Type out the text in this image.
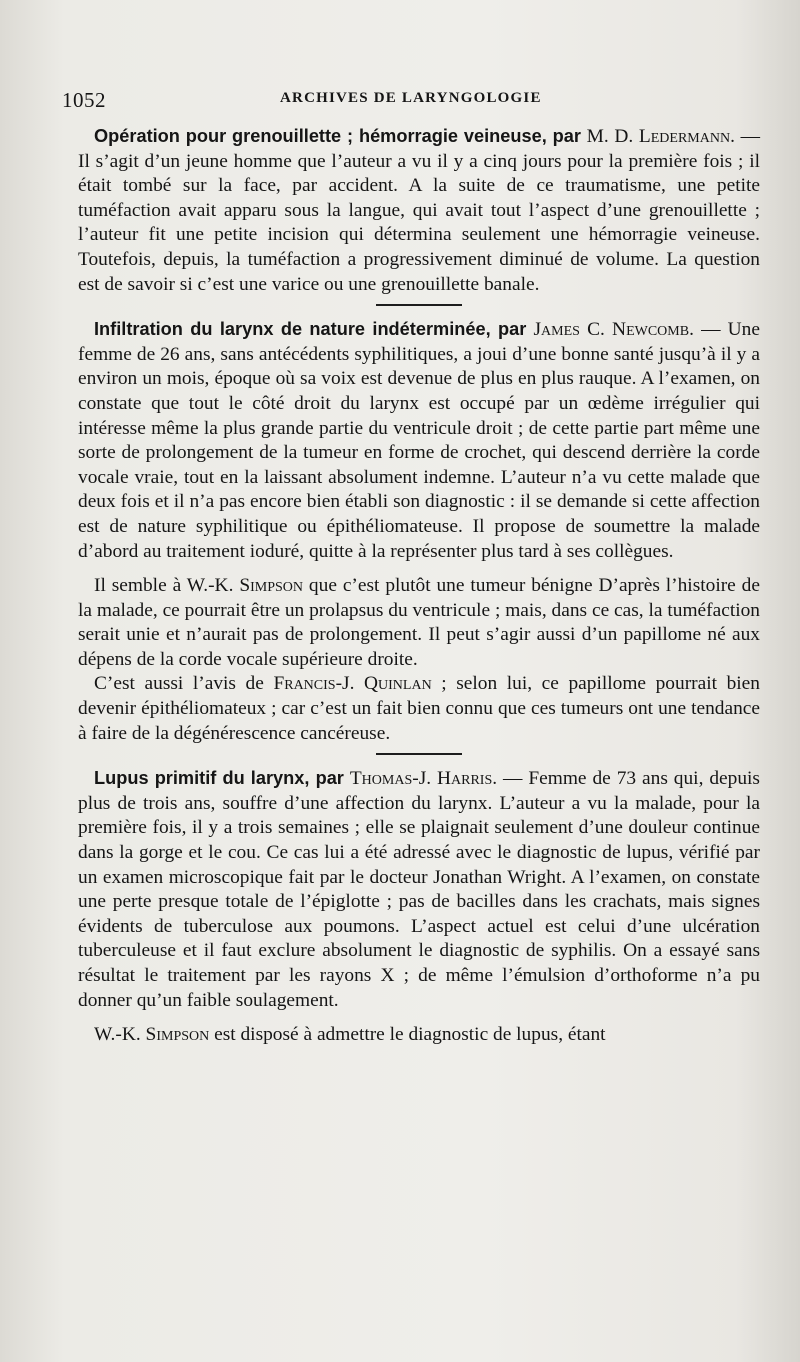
1052	ARCHIVES DE LARYNGOLOGIE

Opération pour grenouillette ; hémorragie veineuse, par M. D. Ledermann. — Il s’agit d’un jeune homme que l’auteur a vu il y a cinq jours pour la première fois ; il était tombé sur la face, par accident. A la suite de ce traumatisme, une petite tuméfaction avait apparu sous la langue, qui avait tout l’aspect d’une grenouillette ; l’auteur fit une petite incision qui détermina seulement une hémorragie veineuse. Toutefois, depuis, la tuméfaction a progressivement diminué de volume. La question est de savoir si c’est une varice ou une grenouillette banale.

Infiltration du larynx de nature indéterminée, par James C. Newcomb. — Une femme de 26 ans, sans antécédents syphilitiques, a joui d’une bonne santé jusqu’à il y a environ un mois, époque où sa voix est devenue de plus en plus rauque. A l’examen, on constate que tout le côté droit du larynx est occupé par un œdème irrégulier qui intéresse même la plus grande partie du ventricule droit ; de cette partie part même une sorte de prolongement de la tumeur en forme de crochet, qui descend derrière la corde vocale vraie, tout en la laissant absolument indemne. L’auteur n’a vu cette malade que deux fois et il n’a pas encore bien établi son diagnostic : il se demande si cette affection est de nature syphilitique ou épithéliomateuse. Il propose de soumettre la malade d’abord au traitement ioduré, quitte à la représenter plus tard à ses collègues.

Il semble à W.-K. Simpson que c’est plutôt une tumeur bénigne D’après l’histoire de la malade, ce pourrait être un prolapsus du ventricule ; mais, dans ce cas, la tuméfaction serait unie et n’aurait pas de prolongement. Il peut s’agir aussi d’un papillome né aux dépens de la corde vocale supérieure droite.

C’est aussi l’avis de Francis-J. Quinlan ; selon lui, ce papillome pourrait bien devenir épithéliomateux ; car c’est un fait bien connu que ces tumeurs ont une tendance à faire de la dégénérescence cancéreuse.

Lupus primitif du larynx, par Thomas-J. Harris. — Femme de 73 ans qui, depuis plus de trois ans, souffre d’une affection du larynx. L’auteur a vu la malade, pour la première fois, il y a trois semaines ; elle se plaignait seulement d’une douleur continue dans la gorge et le cou. Ce cas lui a été adressé avec le diagnostic de lupus, vérifié par un examen microscopique fait par le docteur Jonathan Wright. A l’examen, on constate une perte presque totale de l’épiglotte ; pas de bacilles dans les crachats, mais signes évidents de tuberculose aux poumons. L’aspect actuel est celui d’une ulcération tuberculeuse et il faut exclure absolument le diagnostic de syphilis. On a essayé sans résultat le traitement par les rayons X ; de même l’émulsion d’orthoforme n’a pu donner qu’un faible soulagement.

W.-K. Simpson est disposé à admettre le diagnostic de lupus, étant
